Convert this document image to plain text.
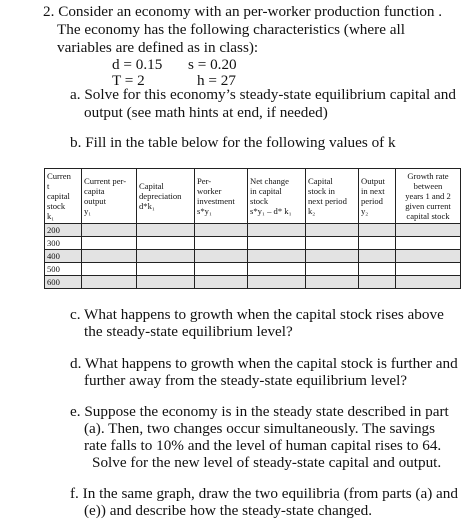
2. Consider an economy with an per-worker production function .
The economy has the following characteristics (where all
variables are defined as in class):
d = 0.15 s = 0.20
T = 2	h = 27
a. Solve for this economy’s steady-state equilibrium capital and
output (see math hints at end, if needed)
b. Fill in the table below for the following values of k
Curren
t
capital
stock
k₁	Current per-
capita
output
y₁	Capital
depreciation
d*k₁	Per-
worker
investment
s*y₁	Net change
in capital
stock
s*y₁ – d* k₁	Capital
stock in
next period
k₂	Output
in next
period
y₂	Growth rate
between
years 1 and 2
given current
capital stock

200							
300							
400							
500							
600							
c. What happens to growth when the capital stock rises above
the steady-state equilibrium level?
d. What happens to growth when the capital stock is further and
further away from the steady-state equilibrium level?
e. Suppose the economy is in the steady state described in part
(a). Then, two changes occur simultaneously. The savings
rate falls to 10% and the level of human capital rises to 64.
Solve for the new level of steady-state capital and output.
f. In the same graph, draw the two equilibria (from parts (a) and
(e)) and describe how the steady-state changed.
